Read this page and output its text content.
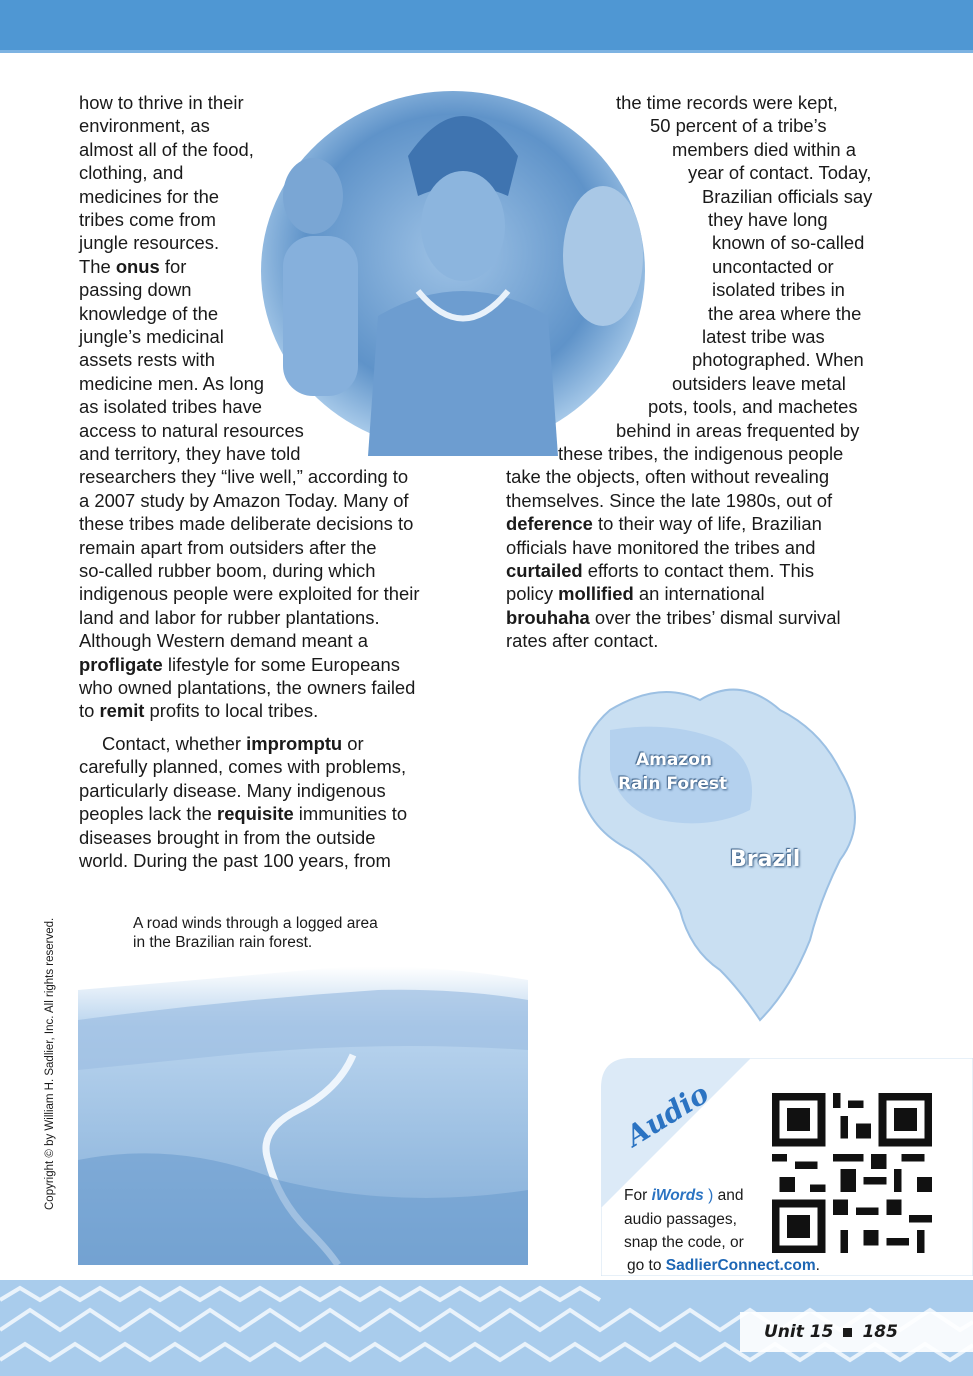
how to thrive in their
environment, as
almost all of the food,
clothing, and
medicines for the
tribes come from
jungle resources.
The onus for
passing down
knowledge of the
jungle’s medicinal
assets rests with
medicine men. As long
as isolated tribes have
access to natural resources
and territory, they have told
researchers they “live well,” according to
a 2007 study by Amazon Today. Many of
these tribes made deliberate decisions to
remain apart from outsiders after the
so-called rubber boom, during which
indigenous people were exploited for their
land and labor for rubber plantations.
Although Western demand meant a
profligate lifestyle for some Europeans
who owned plantations, the owners failed
to remit profits to local tribes.
Contact, whether impromptu or
carefully planned, comes with problems,
particularly disease. Many indigenous
peoples lack the requisite immunities to
diseases brought in from the outside
world. During the past 100 years, from
the time records were kept,
50 percent of a tribe’s
members died within a
year of contact. Today,
Brazilian officials say
they have long
known of so-called
uncontacted or
isolated tribes in
the area where the
latest tribe was
photographed. When
outsiders leave metal
pots, tools, and machetes
behind in areas frequented by
these tribes, the indigenous people
take the objects, often without revealing
themselves. Since the late 1980s, out of
deference to their way of life, Brazilian
officials have monitored the tribes and
curtailed efforts to contact them. This
policy mollified an international
brouhaha over the tribes’ dismal survival
rates after contact.
Amazon
Rain Forest
Brazil
A road winds through a logged area
in the Brazilian rain forest.
Copyright © by William H. Sadlier, Inc. All rights reserved.	Audio
For iWords ) and
audio passages,
snap the code, or
go to SadlierConnect.com.
Unit 15 185
